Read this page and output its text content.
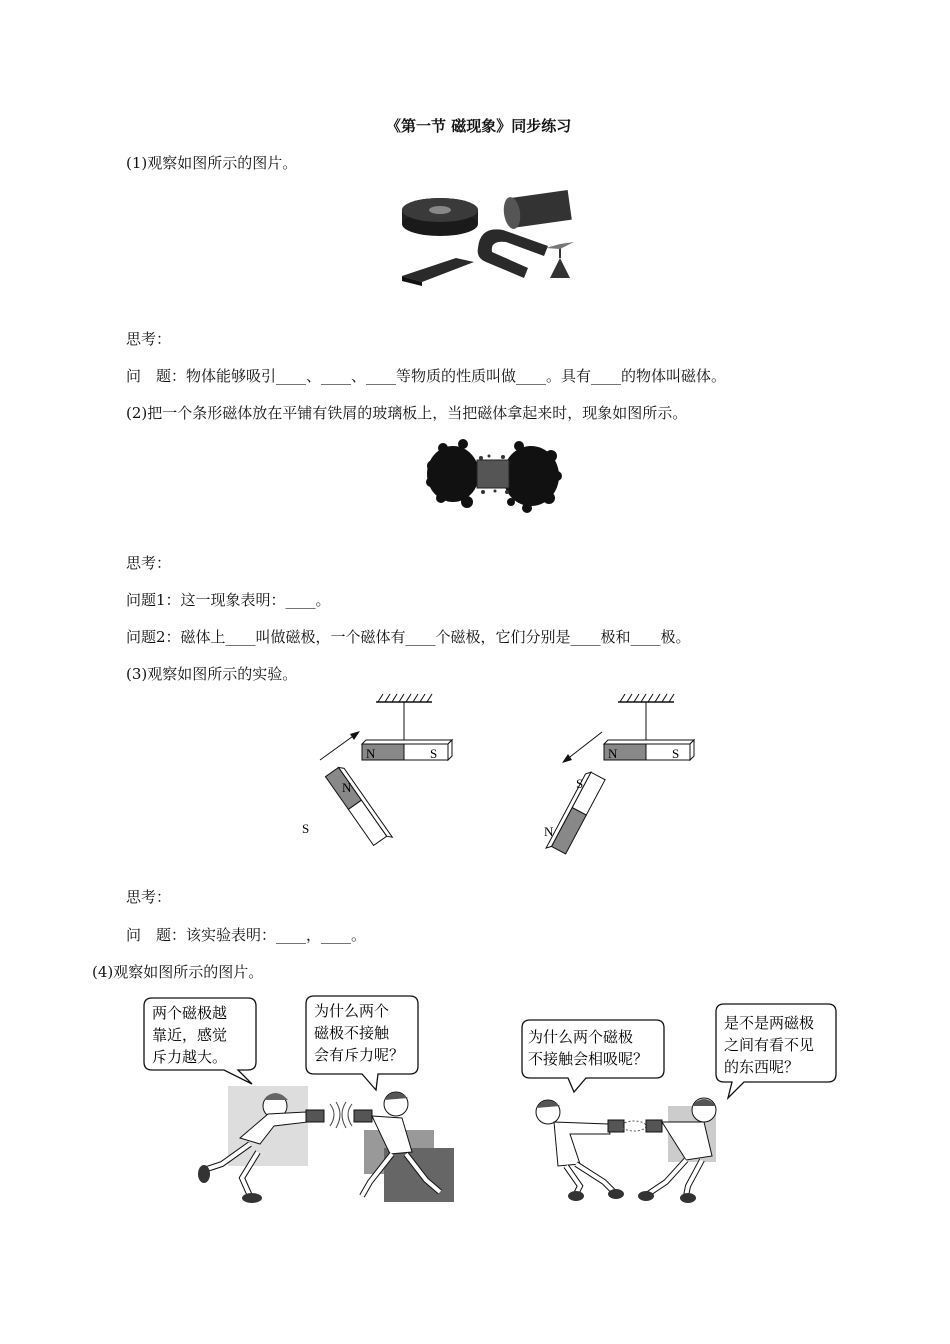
《第一节 磁现象》同步练习
(1)观察如图所示的图片。
思考：
问　题：物体能够吸引____、____、____等物质的性质叫做____。具有____的物体叫磁体。
(2)把一个条形磁体放在平铺有铁屑的玻璃板上，当把磁体拿起来时，现象如图所示。
思考：
问题1：这一现象表明：____。
问题2：磁体上____叫做磁极，一个磁体有____个磁极，它们分别是____极和____极。
(3)观察如图所示的实验。
N	S
N
S
N	S
S
N
思考：
问　题：该实验表明：____，____。
(4)观察如图所示的图片。
两个磁极越
靠近，感觉
斥力越大。
为什么两个
磁极不接触
会有斥力呢？
为什么两个磁极
不接触会相吸呢？
是不是两磁极
之间有看不见
的东西呢？
